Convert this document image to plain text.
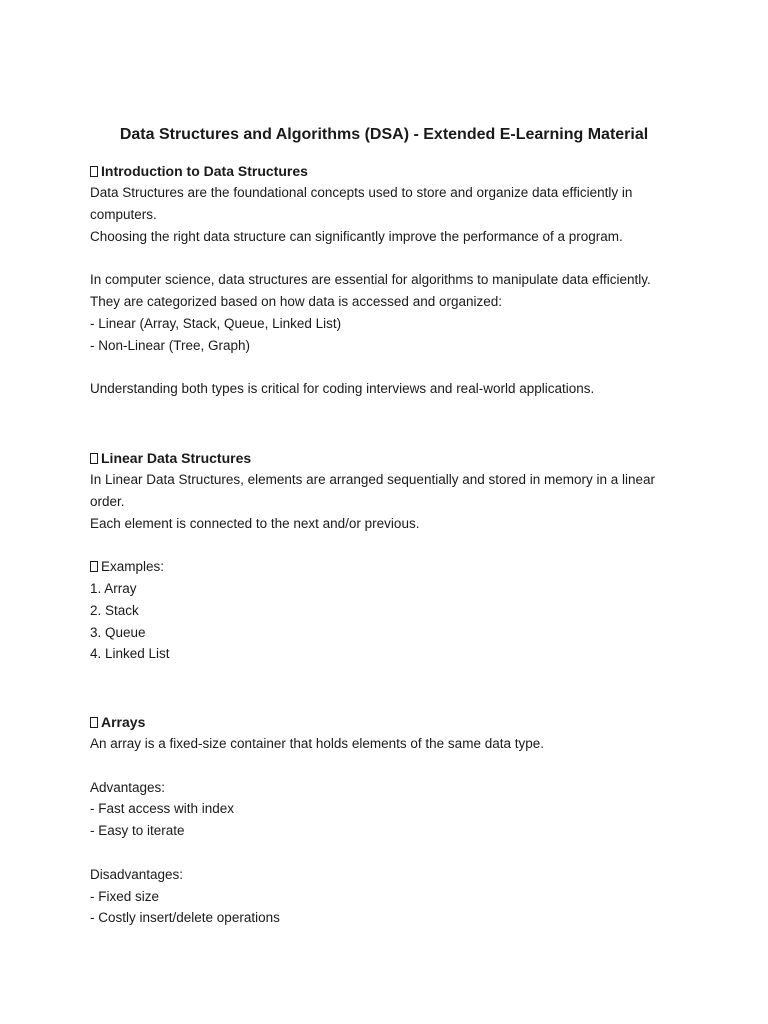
Data Structures and Algorithms (DSA) - Extended E-Learning Material
Introduction to Data Structures
Data Structures are the foundational concepts used to store and organize data efficiently in
computers.
Choosing the right data structure can significantly improve the performance of a program.
In computer science, data structures are essential for algorithms to manipulate data efficiently.
They are categorized based on how data is accessed and organized:
- Linear (Array, Stack, Queue, Linked List)
- Non-Linear (Tree, Graph)
Understanding both types is critical for coding interviews and real-world applications.
Linear Data Structures
In Linear Data Structures, elements are arranged sequentially and stored in memory in a linear
order.
Each element is connected to the next and/or previous.
Examples:
1. Array
2. Stack
3. Queue
4. Linked List
Arrays
An array is a fixed-size container that holds elements of the same data type.
Advantages:
- Fast access with index
- Easy to iterate
Disadvantages:
- Fixed size
- Costly insert/delete operations
